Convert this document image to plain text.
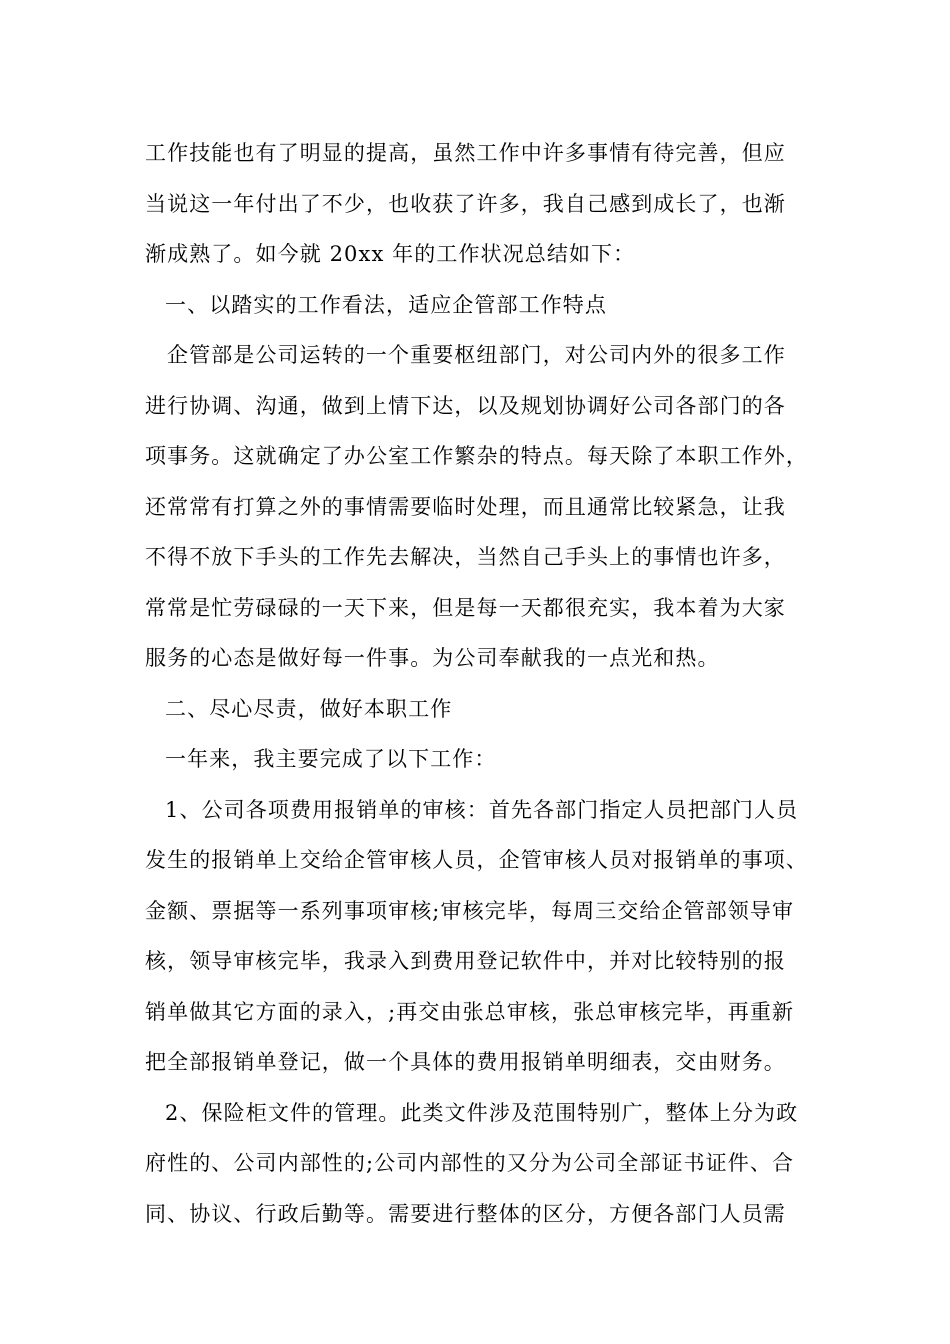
工作技能也有了明显的提高，虽然工作中许多事情有待完善，但应
当说这一年付出了不少，也收获了许多，我自己感到成长了，也渐
渐成熟了。如今就 20xx 年的工作状况总结如下：
一、以踏实的工作看法，适应企管部工作特点
企管部是公司运转的一个重要枢纽部门，对公司内外的很多工作
进行协调、沟通，做到上情下达，以及规划协调好公司各部门的各
项事务。这就确定了办公室工作繁杂的特点。每天除了本职工作外，
还常常有打算之外的事情需要临时处理，而且通常比较紧急，让我
不得不放下手头的工作先去解决，当然自己手头上的事情也许多，
常常是忙劳碌碌的一天下来，但是每一天都很充实，我本着为大家
服务的心态是做好每一件事。为公司奉献我的一点光和热。
二、尽心尽责，做好本职工作
一年来，我主要完成了以下工作：
1、公司各项费用报销单的审核：首先各部门指定人员把部门人员
发生的报销单上交给企管审核人员，企管审核人员对报销单的事项、
金额、票据等一系列事项审核;审核完毕，每周三交给企管部领导审
核，领导审核完毕，我录入到费用登记软件中，并对比较特别的报
销单做其它方面的录入，;再交由张总审核，张总审核完毕，再重新
把全部报销单登记，做一个具体的费用报销单明细表，交由财务。
2、保险柜文件的管理。此类文件涉及范围特别广，整体上分为政
府性的、公司内部性的;公司内部性的又分为公司全部证书证件、合
同、协议、行政后勤等。需要进行整体的区分，方便各部门人员需
